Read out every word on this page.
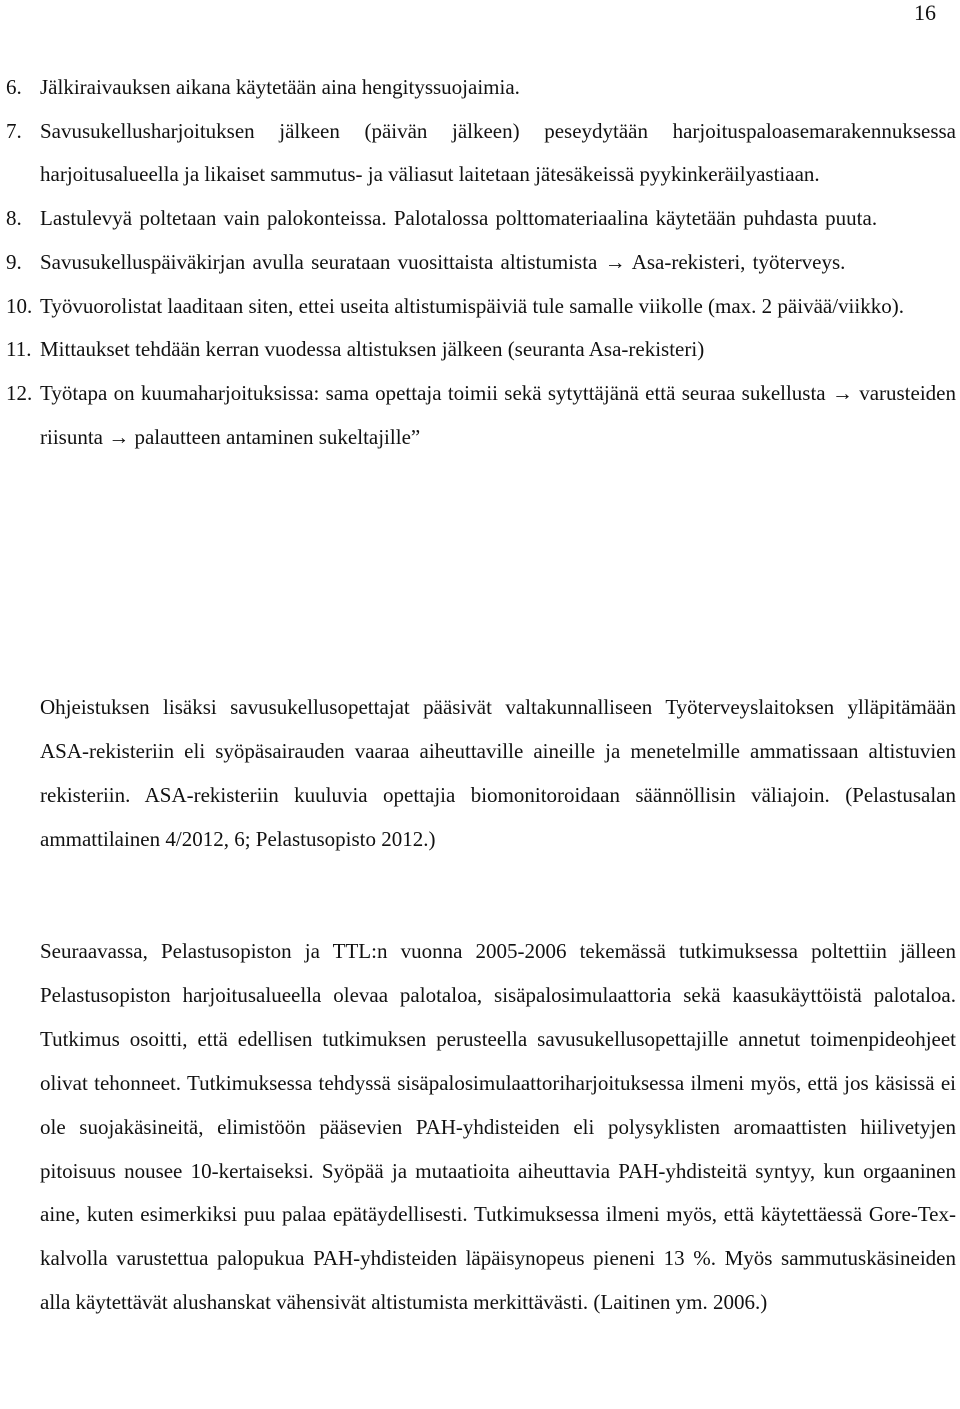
16
6. Jälkiraivauksen aikana käytetään aina hengityssuojaimia.
7. Savusukellusharjoituksen jälkeen (päivän jälkeen) peseydytään harjoituspaloasemarakennuksessa harjoitusalueella ja likaiset sammutus- ja väliasut laitetaan jätesäkeissä pyykinkeräilyastiaan.
8. Lastulevyä poltetaan vain palokonteissa. Palotalossa polttomateriaalina käytetään puhdasta puuta.
9. Savusukelluspäiväkirjan avulla seurataan vuosittaista altistumista → Asa-rekisteri, työterveys.
10. Työvuorolistat laaditaan siten, ettei useita altistumispäiviä tule samalle viikolle (max. 2 päivää/viikko).
11. Mittaukset tehdään kerran vuodessa altistuksen jälkeen (seuranta Asa-rekisteri)
12. Työtapa on kuumaharjoituksissa: sama opettaja toimii sekä sytyttäjänä että seuraa sukellusta → varusteiden riisunta → palautteen antaminen sukeltajille”

Ohjeistuksen lisäksi savusukellusopettajat pääsivät valtakunnalliseen Työterveyslaitoksen ylläpitämään ASA-rekisteriin eli syöpäsairauden vaaraa aiheuttaville aineille ja menetelmille ammatissaan altistuvien rekisteriin. ASA-rekisteriin kuuluvia opettajia biomonitoroidaan säännöllisin väliajoin. (Pelastusalan ammattilainen 4/2012, 6; Pelastusopisto 2012.)

Seuraavassa, Pelastusopiston ja TTL:n vuonna 2005-2006 tekemässä tutkimuksessa poltettiin jälleen Pelastusopiston harjoitusalueella olevaa palotaloa, sisäpalosimulaattoria sekä kaasukäyttöistä palotaloa. Tutkimus osoitti, että edellisen tutkimuksen perusteella savusukellusopettajille annetut toimenpideohjeet olivat tehonneet. Tutkimuksessa tehdyssä sisäpalosimulaattoriharjoituksessa ilmeni myös, että jos käsissä ei ole suojakäsineitä, elimistöön pääsevien PAH-yhdisteiden eli polysyklisten aromaattisten hiilivetyjen pitoisuus nousee 10-kertaiseksi. Syöpää ja mutaatioita aiheuttavia PAH-yhdisteitä syntyy, kun orgaaninen aine, kuten esimerkiksi puu palaa epätäydellisesti. Tutkimuksessa ilmeni myös, että käytettäessä Gore-Tex-kalvolla varustettua palopukua PAH-yhdisteiden läpäisynopeus pieneni 13 %. Myös sammutuskäsineiden alla käytettävät alushanskat vähensivät altistumista merkittävästi. (Laitinen ym. 2006.)
